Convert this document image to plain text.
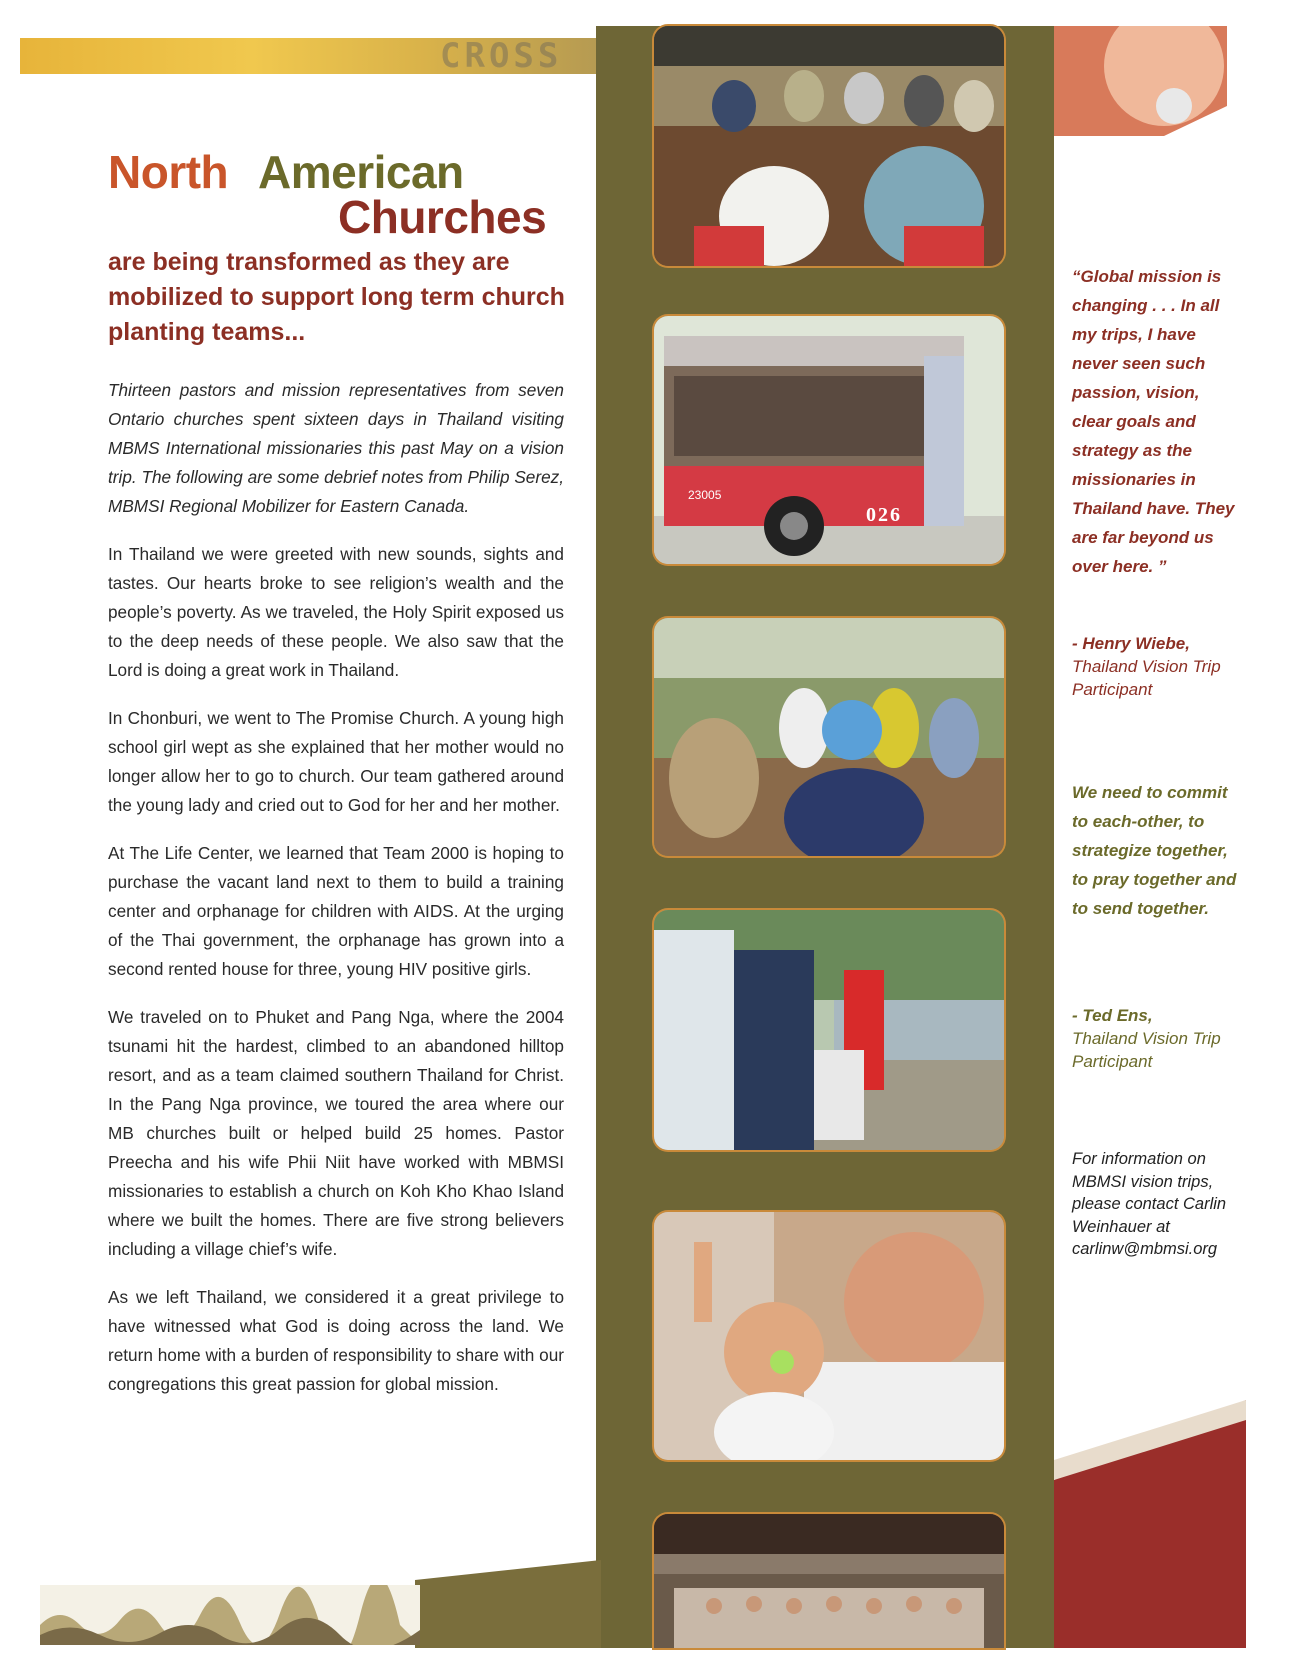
CROSS
North American
Churches
are being transformed as they are mobilized to support long term church planting teams...

Thirteen pastors and mission representatives from seven Ontario churches spent sixteen days in Thailand visiting MBMS International missionaries this past May on a vision trip. The following are some debrief notes from Philip Serez, MBMSI Regional Mobilizer for Eastern Canada.

In Thailand we were greeted with new sounds, sights and tastes. Our hearts broke to see religion’s wealth and the people’s poverty. As we traveled, the Holy Spirit exposed us to the deep needs of these people. We also saw that the Lord is doing a great work in Thailand.

In Chonburi, we went to The Promise Church. A young high school girl wept as she explained that her mother would no longer allow her to go to church. Our team gathered around the young lady and cried out to God for her and her mother.

At The Life Center, we learned that Team 2000 is hoping to purchase the vacant land next to them to build a training center and orphanage for children with AIDS. At the urging of the Thai government, the orphanage has grown into a second rented house for three, young HIV positive girls.

We traveled on to Phuket and Pang Nga, where the 2004 tsunami hit the hardest, climbed to an abandoned hilltop resort, and as a team claimed southern Thailand for Christ. In the Pang Nga province, we toured the area where our MB churches built or helped build 25 homes. Pastor Preecha and his wife Phii Niit have worked with MBMSI missionaries to establish a church on Koh Kho Khao Island where we built the homes. There are five strong believers including a village chief’s wife.

As we left Thailand, we considered it a great privilege to have witnessed what God is doing across the land. We return home with a burden of responsibility to share with our congregations this great passion for global mission.

23005
026
“Global mission is changing . . . In all my trips, I have never seen such passion, vision, clear goals and strategy as the missionaries in Thailand have. They are far beyond us over here. ”
- Henry Wiebe,
Thailand Vision Trip Participant
We need to commit to each-other, to strategize together, to pray together and to send together.
- Ted Ens,
Thailand Vision Trip Participant
For information on MBMSI vision trips, please contact Carlin Weinhauer at carlinw@mbmsi.org
